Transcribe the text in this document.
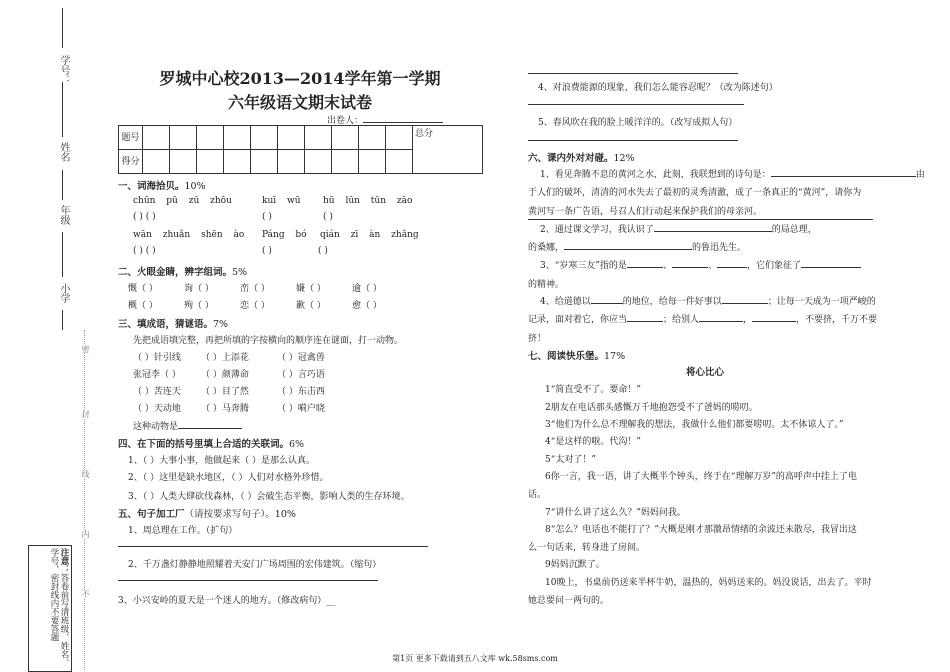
学号：
姓名
年级
小学
密
封
线
内
不
注意：答卷前写清班级、姓名、学号，密封线内不要答题
罗城中心校2013—2014学年第一学期
六年级语文期末试卷
出卷人：
题号											总分
得分											
一、词海拾贝。10%
chūn pū zū zhōu	kuī wū	hū lūn tūn zāo
( ) ( )	( )	( )
wān zhuǎn shēn ào Páng bó qián zī àn zhǎng
( ) ( )	( )	( )
二、火眼金睛，辨字组词。5%
慨（ ）	询（ ）	峦（ ）	嫌（ ）	逾（ ）
概（ ）	殉（ ）	恋（ ）	歉（ ）	愈（ ）
三、填成语，猜谜语。7%
先把成语填完整，再把所填的字按横向的顺序连在谜面，打一动物。
（ ）针引线 （ ）上添花	（ ）冠禽兽
张冠李（ ） （ ）颜薄命	（ ）言巧语
（ ）苦连天 （ ）目了然	（ ）东击西
（ ）天动地 （ ）马奔腾	（ ）嗬户晓
这种动物是
四、在下面的括号里填上合适的关联词。6%
1、（ ）大事小事，他做起来（ ）是那么认真。
2、（ ）这里是缺水地区，（ ）人们对水格外珍惜。
3、（ ）人类大肆砍伐森林，（ ）会破生态平衡，影响人类的生存环境。
五、句子加工厂（请按要求写句子）。10%
1、周总理在工作。（扩句）
2、千万盏灯静静地照耀着天安门广场周围的宏伟建筑。（缩句）
3、小兴安岭的夏天是一个迷人的地方。（修改病句）__
4、对浪费能源的现象，我们怎么能容忍呢？（改为陈述句）
5、春风吹在我的脸上暖洋洋的。（改写成拟人句）
六、课内外对对碰。12%
1、看见奔腾不息的黄河之水，此刻，我联想到的诗句是：	由
于人们的破坏，清清的河水失去了最初的灵秀清澈，成了一条真正的“黄河”，请你为
黄河写一条广告语，号召人们行动起来保护我们的母亲河。
2、通过课文学习，我认识了	的局总理，
的桑娜，	的鲁迅先生。
3、“岁寒三友”指的是	、	、	，它们象征了
的精神。
4、给道德以	的地位，给每一件好事以	；让每一天成为一项严峻的
记录，面对着它，你应当	；给别人	，	，不要挤，千万不要
挤！
七、阅读快乐堡。17%
将心比心
1“简直受不了。要命！”
2朋友在电话那头感慨万千地抱怨受不了爸妈的唠叨。
3“他们为什么总不理解我的想法，我做什么他们都要唠叨。太不体谅人了。”
4“是这样的啦。代沟！”
5“太对了！”
6你一言，我一语，讲了大概半个钟头，终于在“理解万岁”的高呼声中挂上了电
话。
7“讲什么讲了这么久？”妈妈问我。
8“怎么？电话也不能打了？”大概是刚才那激昂情绪的余波还未散尽，我冒出这
么一句话来，转身进了房间。
9妈妈沉默了。
10晚上，书桌前仍送来半杯牛奶，温热的，妈妈送来的。妈没说话，出去了。平时
她总要问一两句的。
第1页 更多下载请到五八文库 wk.58sms.com
